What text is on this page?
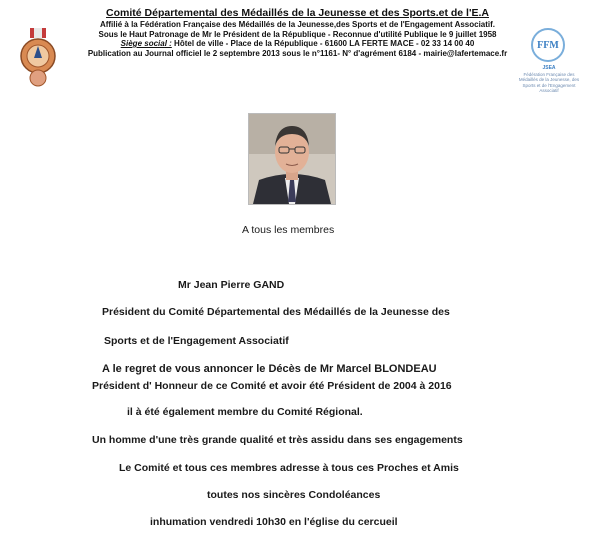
Comité Départemental des Médaillés de la Jeunesse et des Sports.et de l'E.A

Affilié à la Fédération Française des Médaillés de la Jeunesse,des Sports et de l'Engagement Associatif.

Sous le Haut Patronage de Mr le Président de la République - Reconnue d'utilité Publique le 9 juillet 1958

Siège social : Hôtel de ville - Place de la République - 61600 LA FERTE MACE - 02 33 14 00 40

Publication au Journal officiel le 2 septembre 2013 sous le n°1161- N° d'agrément 6184 - mairie@lafertemace.fr

FFM
JSEA
Fédération Française des Médaillés de la Jeunesse, des Sports et de l'Engagement Associatif

A tous les membres

Mr Jean Pierre GAND

Président du Comité Départemental des Médaillés de la Jeunesse des

Sports et de l'Engagement Associatif

A le regret de vous annoncer le Décès de Mr Marcel BLONDEAU

Président d' Honneur de ce Comité et avoir été Président de 2004 à 2016

il à été également membre du Comité Régional.

Un homme d'une très grande qualité et très assidu dans ses engagements

Le Comité et tous ces membres adresse à tous ces Proches et Amis

toutes nos sincères Condoléances

inhumation vendredi 10h30 en l'église du cercueil
